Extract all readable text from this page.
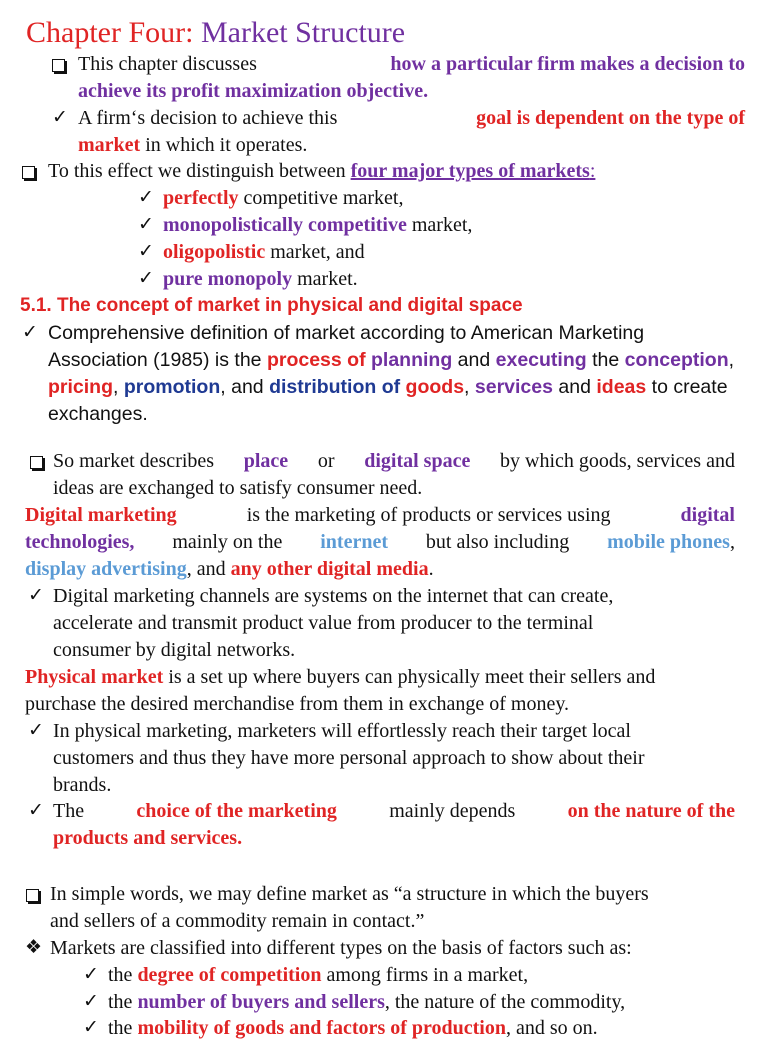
Chapter Four: Market Structure
This chapter discusses	how a particular firm makes a decision to
achieve its profit maximization objective.
✓ A firm‘s decision to achieve this	goal is dependent on the type of
market in which it operates.
To this effect we distinguish between four major types of markets:
✓ perfectly competitive market,
✓ monopolistically competitive market,
✓ oligopolistic market, and
✓ pure monopoly market.
5.1. The concept of market in physical and digital space
✓ Comprehensive definition of market according to American Marketing
Association (1985) is the process of planning and executing the conception,
pricing, promotion, and distribution of goods, services and ideas to create
exchanges.
So market describes place or digital space by which goods, services and
ideas are exchanged to satisfy consumer need.
Digital marketing	is the marketing of products or services using	digital
technologies, mainly on the internet but also including mobile phones,
display advertising, and any other digital media.
✓ Digital marketing channels are systems on the internet that can create,
accelerate and transmit product value from producer to the terminal
consumer by digital networks.
Physical market is a set up where buyers can physically meet their sellers and
purchase the desired merchandise from them in exchange of money.
✓ In physical marketing, marketers will effortlessly reach their target local
customers and thus they have more personal approach to show about their
brands.
✓ The	choice of the marketing	mainly depends	on the nature of the
products and services.
In simple words, we may define market as “a structure in which the buyers
and sellers of a commodity remain in contact.”
❖ Markets are classified into different types on the basis of factors such as:
✓ the degree of competition among firms in a market,
✓ the number of buyers and sellers, the nature of the commodity,
✓ the mobility of goods and factors of production, and so on.
